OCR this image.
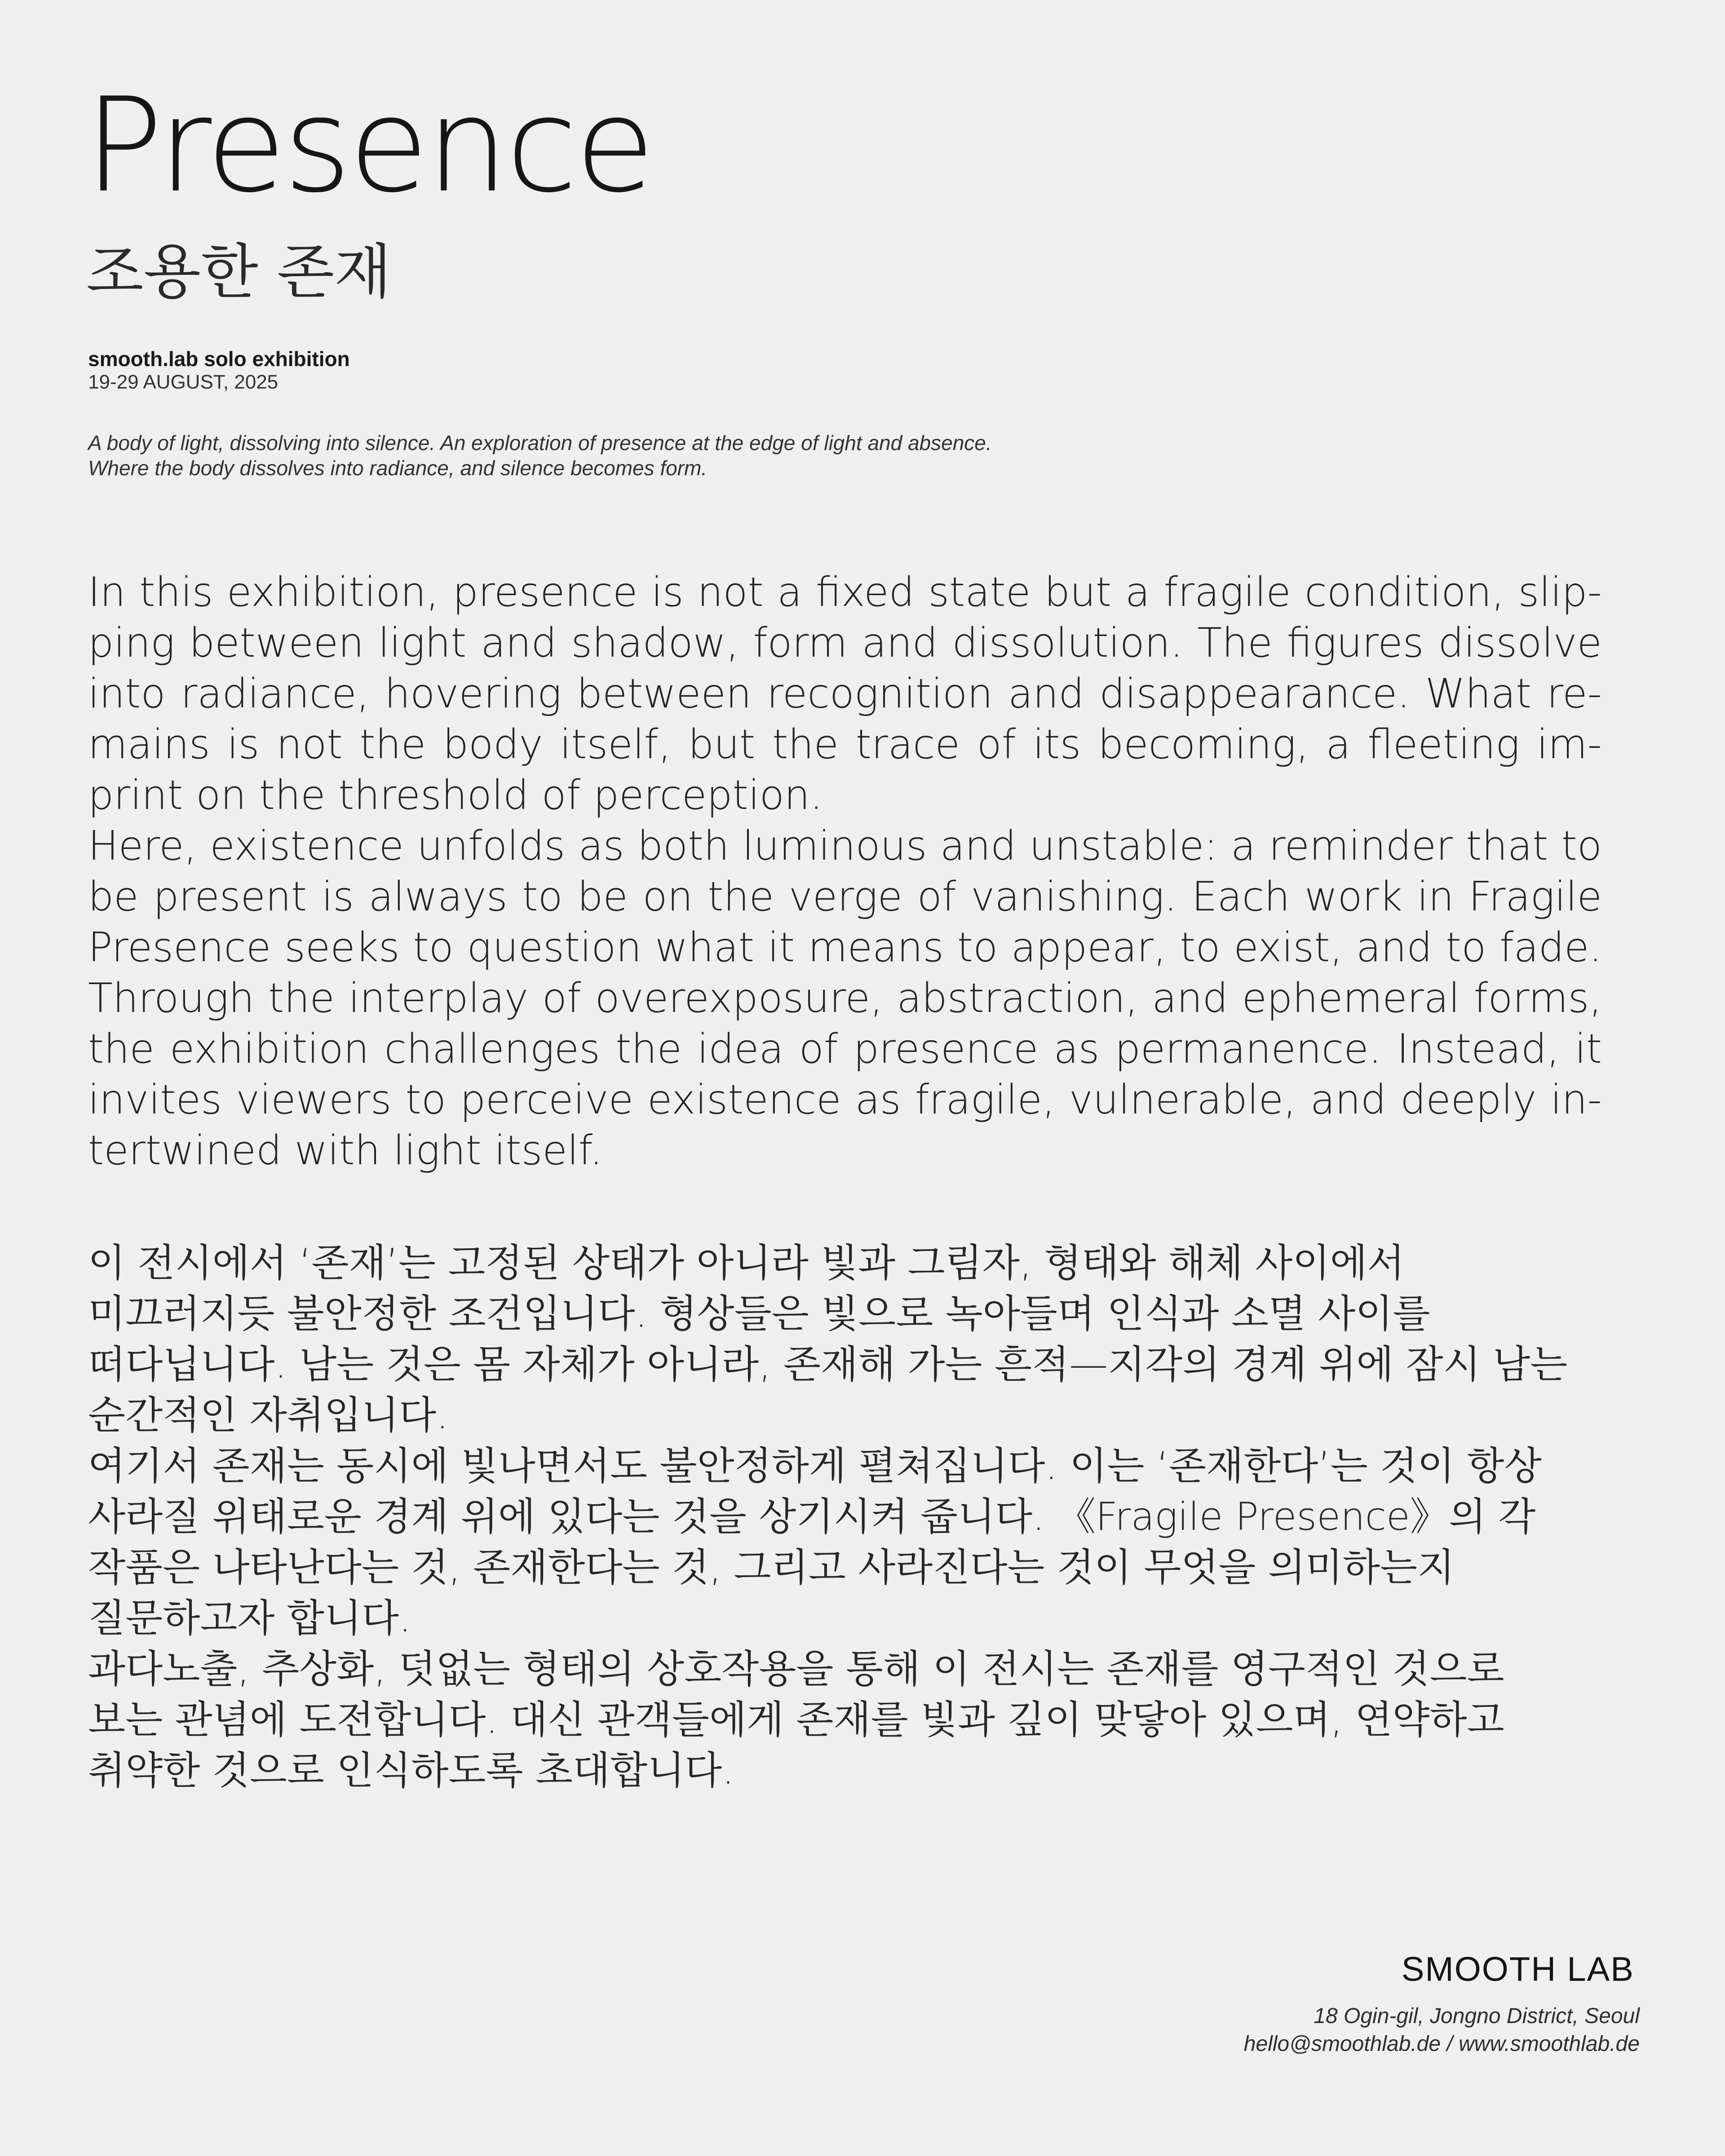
Presence
조용한 존재
smooth.lab solo exhibition
19-29 AUGUST, 2025
A body of light, dissolving into silence. An exploration of presence at the edge of light and absence.
Where the body dissolves into radiance, and silence becomes form.
In this exhibition, presence is not a fixed state but a fragile condition, slip-
ping between light and shadow, form and dissolution. The figures dissolve
into radiance, hovering between recognition and disappearance. What re-
mains is not the body itself, but the trace of its becoming, a fleeting im-
print on the threshold of perception.
Here, existence unfolds as both luminous and unstable: a reminder that to
be present is always to be on the verge of vanishing. Each work in Fragile
Presence seeks to question what it means to appear, to exist, and to fade.
Through the interplay of overexposure, abstraction, and ephemeral forms,
the exhibition challenges the idea of presence as permanence. Instead, it
invites viewers to perceive existence as fragile, vulnerable, and deeply in-
tertwined with light itself.
이 전시에서 ‘존재’는 고정된 상태가 아니라 빛과 그림자, 형태와 해체 사이에서
미끄러지듯 불안정한 조건입니다. 형상들은 빛으로 녹아들며 인식과 소멸 사이를
떠다닙니다. 남는 것은 몸 자체가 아니라, 존재해 가는 흔적—지각의 경계 위에 잠시 남는
순간적인 자취입니다.
여기서 존재는 동시에 빛나면서도 불안정하게 펼쳐집니다. 이는 ‘존재한다’는 것이 항상
사라질 위태로운 경계 위에 있다는 것을 상기시켜 줍니다. 《Fragile Presence》의 각
작품은 나타난다는 것, 존재한다는 것, 그리고 사라진다는 것이 무엇을 의미하는지
질문하고자 합니다.
과다노출, 추상화, 덧없는 형태의 상호작용을 통해 이 전시는 존재를 영구적인 것으로
보는 관념에 도전합니다. 대신 관객들에게 존재를 빛과 깊이 맞닿아 있으며, 연약하고
취약한 것으로 인식하도록 초대합니다.
SMOOTH LAB
18 Ogin-gil, Jongno District, Seoul
hello@smoothlab.de / www.smoothlab.de
